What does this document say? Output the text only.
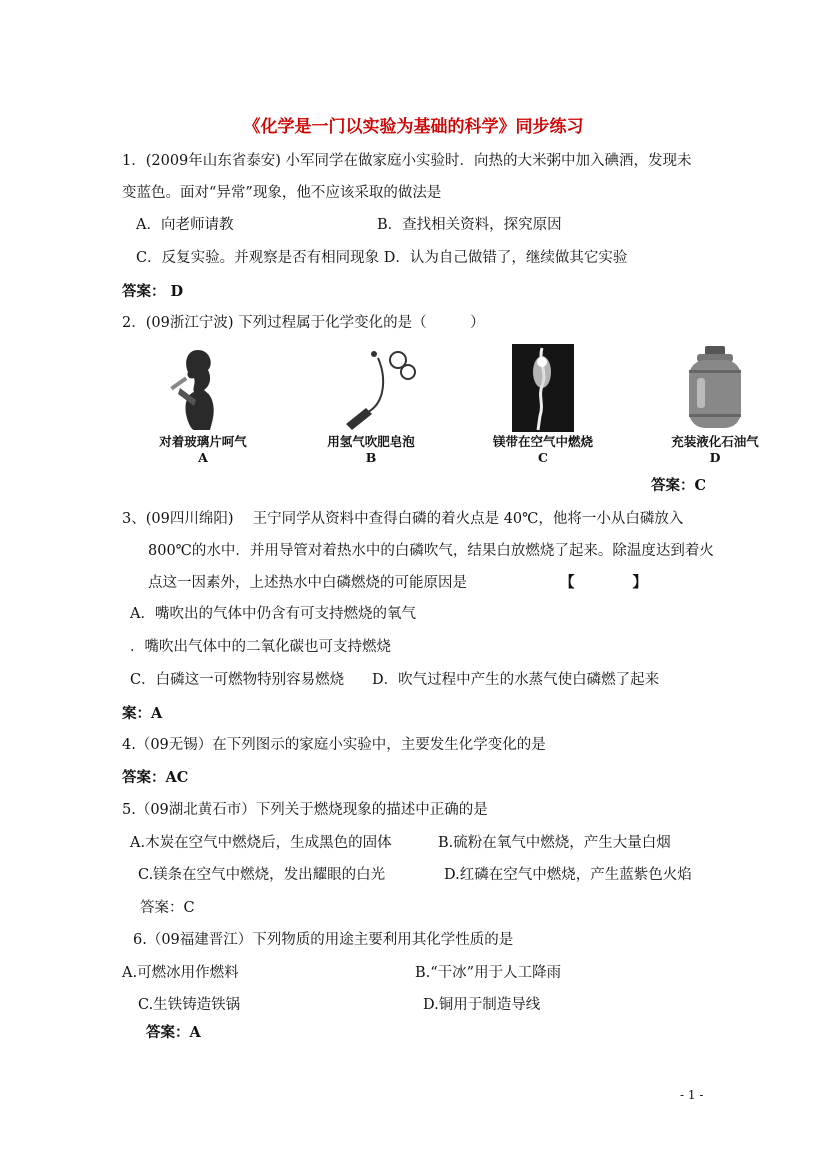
《化学是一门以实验为基础的科学》同步练习
1．(2009年山东省泰安) 小军同学在做家庭小实验时．向热的大米粥中加入碘酒，发现未
变蓝色。面对“异常”现象，他不应该采取的做法是
A．向老师请教	B．查找相关资料，探究原因
C．反复实验。并观察是否有相同现象 D．认为自己做错了，继续做其它实验
答案： D
2．(09浙江宁波) 下列过程属于化学变化的是（　　　）
对着玻璃片呵气
A
用氢气吹肥皂泡
B
镁带在空气中燃烧
C
充装液化石油气
D
答案：C
3、(09四川绵阳)　 王宁同学从资料中查得白磷的着火点是 40℃，他将一小从白磷放入
800℃的水中．并用导管对着热水中的白磷吹气，结果白放燃烧了起来。除温度达到着火
点这一因素外，上述热水中白磷燃烧的可能原因是	【　　　　】
A．嘴吹出的气体中仍含有可支持燃烧的氧气
．嘴吹出气体中的二氧化碳也可支持燃烧
C．白磷这一可燃物特别容易燃烧 D．吹气过程中产生的水蒸气使白磷燃了起来
案：A
4.（09无锡）在下列图示的家庭小实验中，主要发生化学变化的是
答案：AC
5.（09湖北黄石市）下列关于燃烧现象的描述中正确的是
A.木炭在空气中燃烧后，生成黑色的固体	B.硫粉在氧气中燃烧，产生大量白烟
C.镁条在空气中燃烧，发出耀眼的白光	D.红磷在空气中燃烧，产生蓝紫色火焰
答案：C
6.（09福建晋江）下列物质的用途主要利用其化学性质的是
A.可燃冰用作燃料	B.“干冰”用于人工降雨
C.生铁铸造铁锅	D.铜用于制造导线
答案：A
- 1 -
